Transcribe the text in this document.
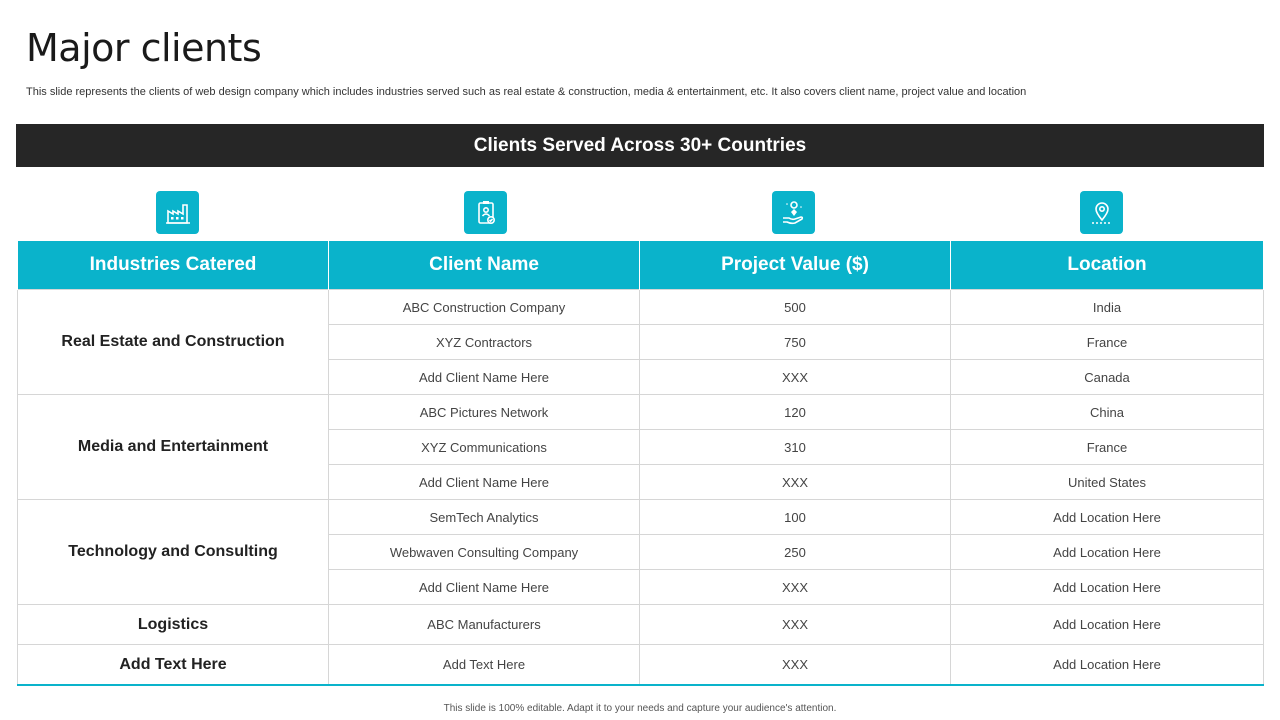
Major clients
This slide represents the clients of web design company which includes industries served such as real estate & construction, media & entertainment, etc. It also covers client name, project value and location
Clients Served Across 30+ Countries
Industries Catered	Client Name	Project Value ($)	Location
Real Estate and Construction	ABC Construction Company	500	India
	XYZ Contractors	750	France
	Add Client Name Here	XXX	Canada
Media and Entertainment	ABC Pictures Network	120	China
	XYZ Communications	310	France
	Add Client Name Here	XXX	United States
Technology and Consulting	SemTech Analytics	100	Add Location Here
	Webwaven Consulting Company	250	Add Location Here
	Add Client Name Here	XXX	Add Location Here
Logistics	ABC Manufacturers	XXX	Add Location Here
Add Text Here	Add Text Here	XXX	Add Location Here
This slide is 100% editable. Adapt it to your needs and capture your audience's attention.
